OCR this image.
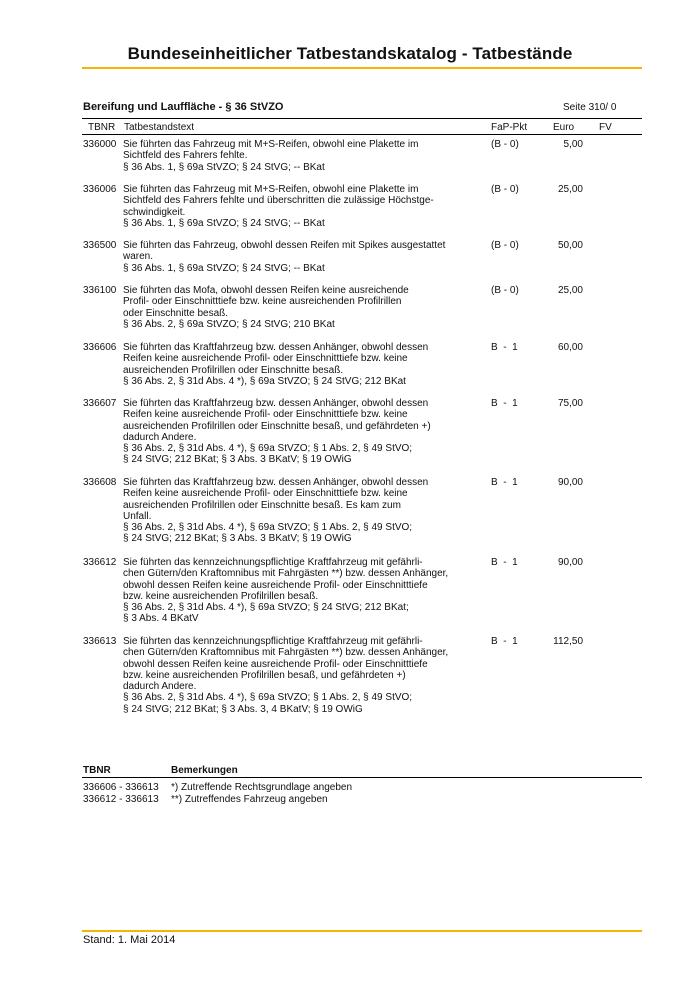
Bundeseinheitlicher Tatbestandskatalog - Tatbestände
Bereifung und Lauffläche - § 36 StVZO	Seite 310/ 0
TBNR Tatbestandstext	FaP-Pkt	Euro FV
336000 Sie führten das Fahrzeug mit M+S-Reifen, obwohl eine Plakette im
Sichtfeld des Fahrers fehlte.
§ 36 Abs. 1, § 69a StVZO; § 24 StVG; -- BKat
(B - 0)	5,00
336006 Sie führten das Fahrzeug mit M+S-Reifen, obwohl eine Plakette im
Sichtfeld des Fahrers fehlte und überschritten die zulässige Höchstge-
schwindigkeit.
§ 36 Abs. 1, § 69a StVZO; § 24 StVG; -- BKat
(B - 0)	25,00
336500 Sie führten das Fahrzeug, obwohl dessen Reifen mit Spikes ausgestattet
waren.
§ 36 Abs. 1, § 69a StVZO; § 24 StVG; -- BKat
(B - 0)	50,00
336100 Sie führten das Mofa, obwohl dessen Reifen keine ausreichende
Profil- oder Einschnitttiefe bzw. keine ausreichenden Profilrillen
oder Einschnitte besaß.
§ 36 Abs. 2, § 69a StVZO; § 24 StVG; 210 BKat
(B - 0)	25,00
336606 Sie führten das Kraftfahrzeug bzw. dessen Anhänger, obwohl dessen
Reifen keine ausreichende Profil- oder Einschnitttiefe bzw. keine
ausreichenden Profilrillen oder Einschnitte besaß.
§ 36 Abs. 2, § 31d Abs. 4 *), § 69a StVZO; § 24 StVG; 212 BKat
B  -  1	60,00
336607 Sie führten das Kraftfahrzeug bzw. dessen Anhänger, obwohl dessen
Reifen keine ausreichende Profil- oder Einschnitttiefe bzw. keine
ausreichenden Profilrillen oder Einschnitte besaß, und gefährdeten +)
dadurch Andere.
§ 36 Abs. 2, § 31d Abs. 4 *), § 69a StVZO; § 1 Abs. 2, § 49 StVO;
§ 24 StVG; 212 BKat; § 3 Abs. 3 BKatV; § 19 OWiG
B  -  1	75,00
336608 Sie führten das Kraftfahrzeug bzw. dessen Anhänger, obwohl dessen
Reifen keine ausreichende Profil- oder Einschnitttiefe bzw. keine
ausreichenden Profilrillen oder Einschnitte besaß. Es kam zum
Unfall.
§ 36 Abs. 2, § 31d Abs. 4 *), § 69a StVZO; § 1 Abs. 2, § 49 StVO;
§ 24 StVG; 212 BKat; § 3 Abs. 3 BKatV; § 19 OWiG
B  -  1	90,00
336612 Sie führten das kennzeichnungspflichtige Kraftfahrzeug mit gefährli-
chen Gütern/den Kraftomnibus mit Fahrgästen **) bzw. dessen Anhänger,
obwohl dessen Reifen keine ausreichende Profil- oder Einschnitttiefe
bzw. keine ausreichenden Profilrillen besaß.
§ 36 Abs. 2, § 31d Abs. 4 *), § 69a StVZO; § 24 StVG; 212 BKat;
§ 3 Abs. 4 BKatV
B  -  1	90,00
336613 Sie führten das kennzeichnungspflichtige Kraftfahrzeug mit gefährli-
chen Gütern/den Kraftomnibus mit Fahrgästen **) bzw. dessen Anhänger,
obwohl dessen Reifen keine ausreichende Profil- oder Einschnitttiefe
bzw. keine ausreichenden Profilrillen besaß, und gefährdeten +)
dadurch Andere.
§ 36 Abs. 2, § 31d Abs. 4 *), § 69a StVZO; § 1 Abs. 2, § 49 StVO;
§ 24 StVG; 212 BKat; § 3 Abs. 3, 4 BKatV; § 19 OWiG
B  -  1	112,50
TBNR	Bemerkungen
336606 - 336613 *) Zutreffende Rechtsgrundlage angeben
336612 - 336613 **) Zutreffendes Fahrzeug angeben
Stand: 1. Mai 2014
